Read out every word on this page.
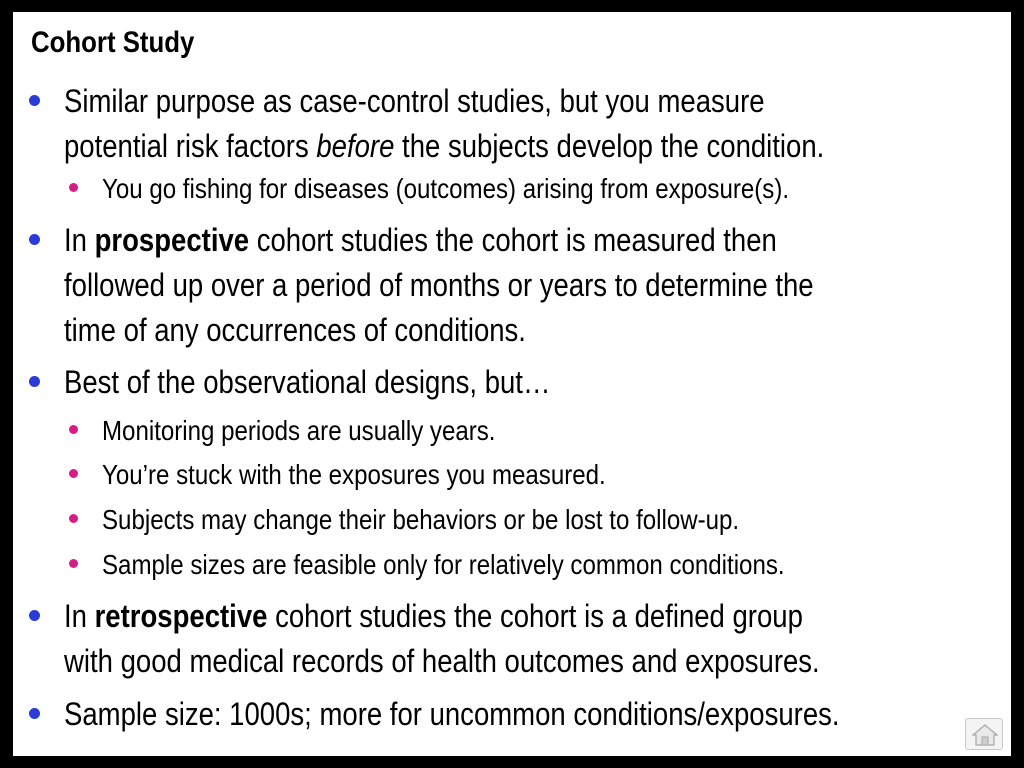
Cohort Study
Similar purpose as case-control studies, but you measure
potential risk factors before the subjects develop the condition.
You go fishing for diseases (outcomes) arising from exposure(s).
In prospective cohort studies the cohort is measured then
followed up over a period of months or years to determine the
time of any occurrences of conditions.
Best of the observational designs, but…
Monitoring periods are usually years.
You’re stuck with the exposures you measured.
Subjects may change their behaviors or be lost to follow-up.
Sample sizes are feasible only for relatively common conditions.
In retrospective cohort studies the cohort is a defined group
with good medical records of health outcomes and exposures.
Sample size: 1000s; more for uncommon conditions/exposures.
